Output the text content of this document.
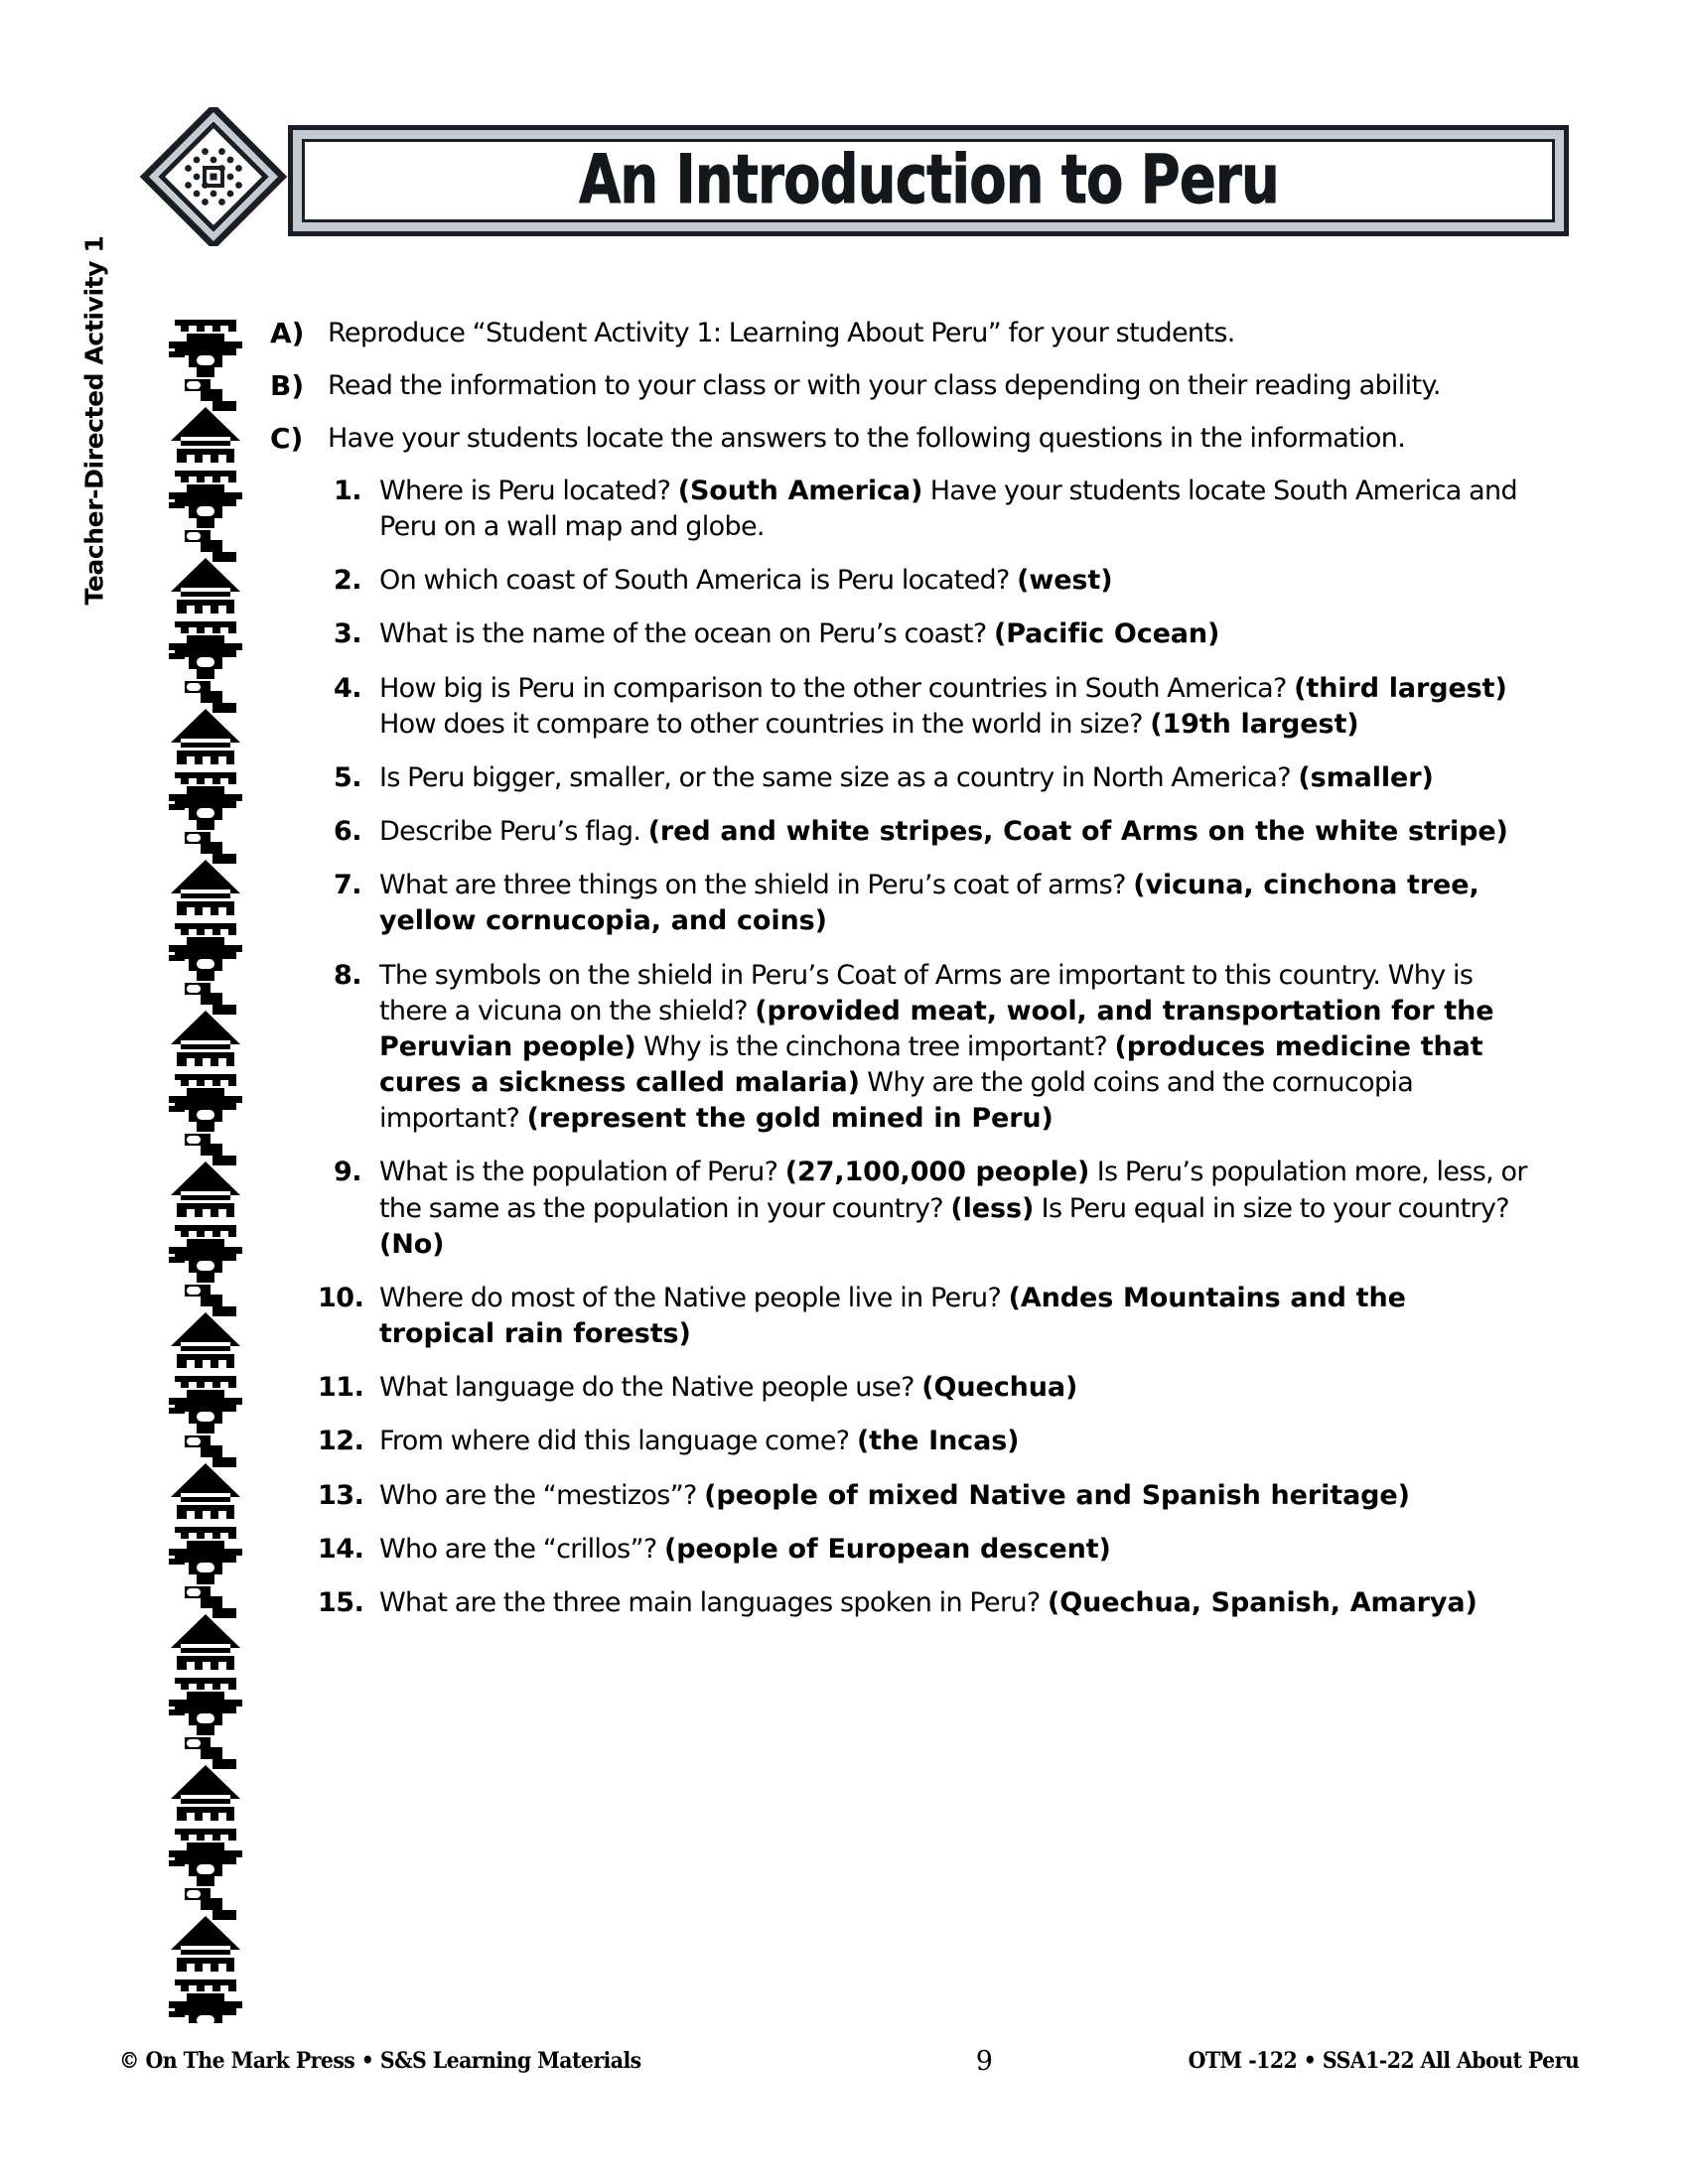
An Introduction to Peru
Teacher-Directed Activity 1	A) Reproduce “Student Activity 1: Learning About Peru” for your students.
B) Read the information to your class or with your class depending on their reading ability.
C) Have your students locate the answers to the following questions in the information.
1. Where is Peru located? (South America) Have your students locate South America and Peru on a wall map and globe.
2. On which coast of South America is Peru located? (west)
3. What is the name of the ocean on Peru’s coast? (Pacific Ocean)
4. How big is Peru in comparison to the other countries in South America? (third largest) How does it compare to other countries in the world in size? (19th largest)
5. Is Peru bigger, smaller, or the same size as a country in North America? (smaller)
6. Describe Peru’s flag. (red and white stripes, Coat of Arms on the white stripe)
7. What are three things on the shield in Peru’s coat of arms? (vicuna, cinchona tree, yellow cornucopia, and coins)
8. The symbols on the shield in Peru’s Coat of Arms are important to this country. Why is there a vicuna on the shield? (provided meat, wool, and transportation for the Peruvian people) Why is the cinchona tree important? (produces medicine that cures a sickness called malaria) Why are the gold coins and the cornucopia important? (represent the gold mined in Peru)
9. What is the population of Peru? (27,100,000 people) Is Peru’s population more, less, or the same as the population in your country? (less) Is Peru equal in size to your country? (No)
10. Where do most of the Native people live in Peru? (Andes Mountains and the tropical rain forests)
11. What language do the Native people use? (Quechua)
12. From where did this language come? (the Incas)
13. Who are the “mestizos”? (people of mixed Native and Spanish heritage)
14. Who are the “crillos”? (people of European descent)
15. What are the three main languages spoken in Peru? (Quechua, Spanish, Amarya)
© On The Mark Press • S&S Learning Materials	9	OTM -122 • SSA1-22 All About Peru
